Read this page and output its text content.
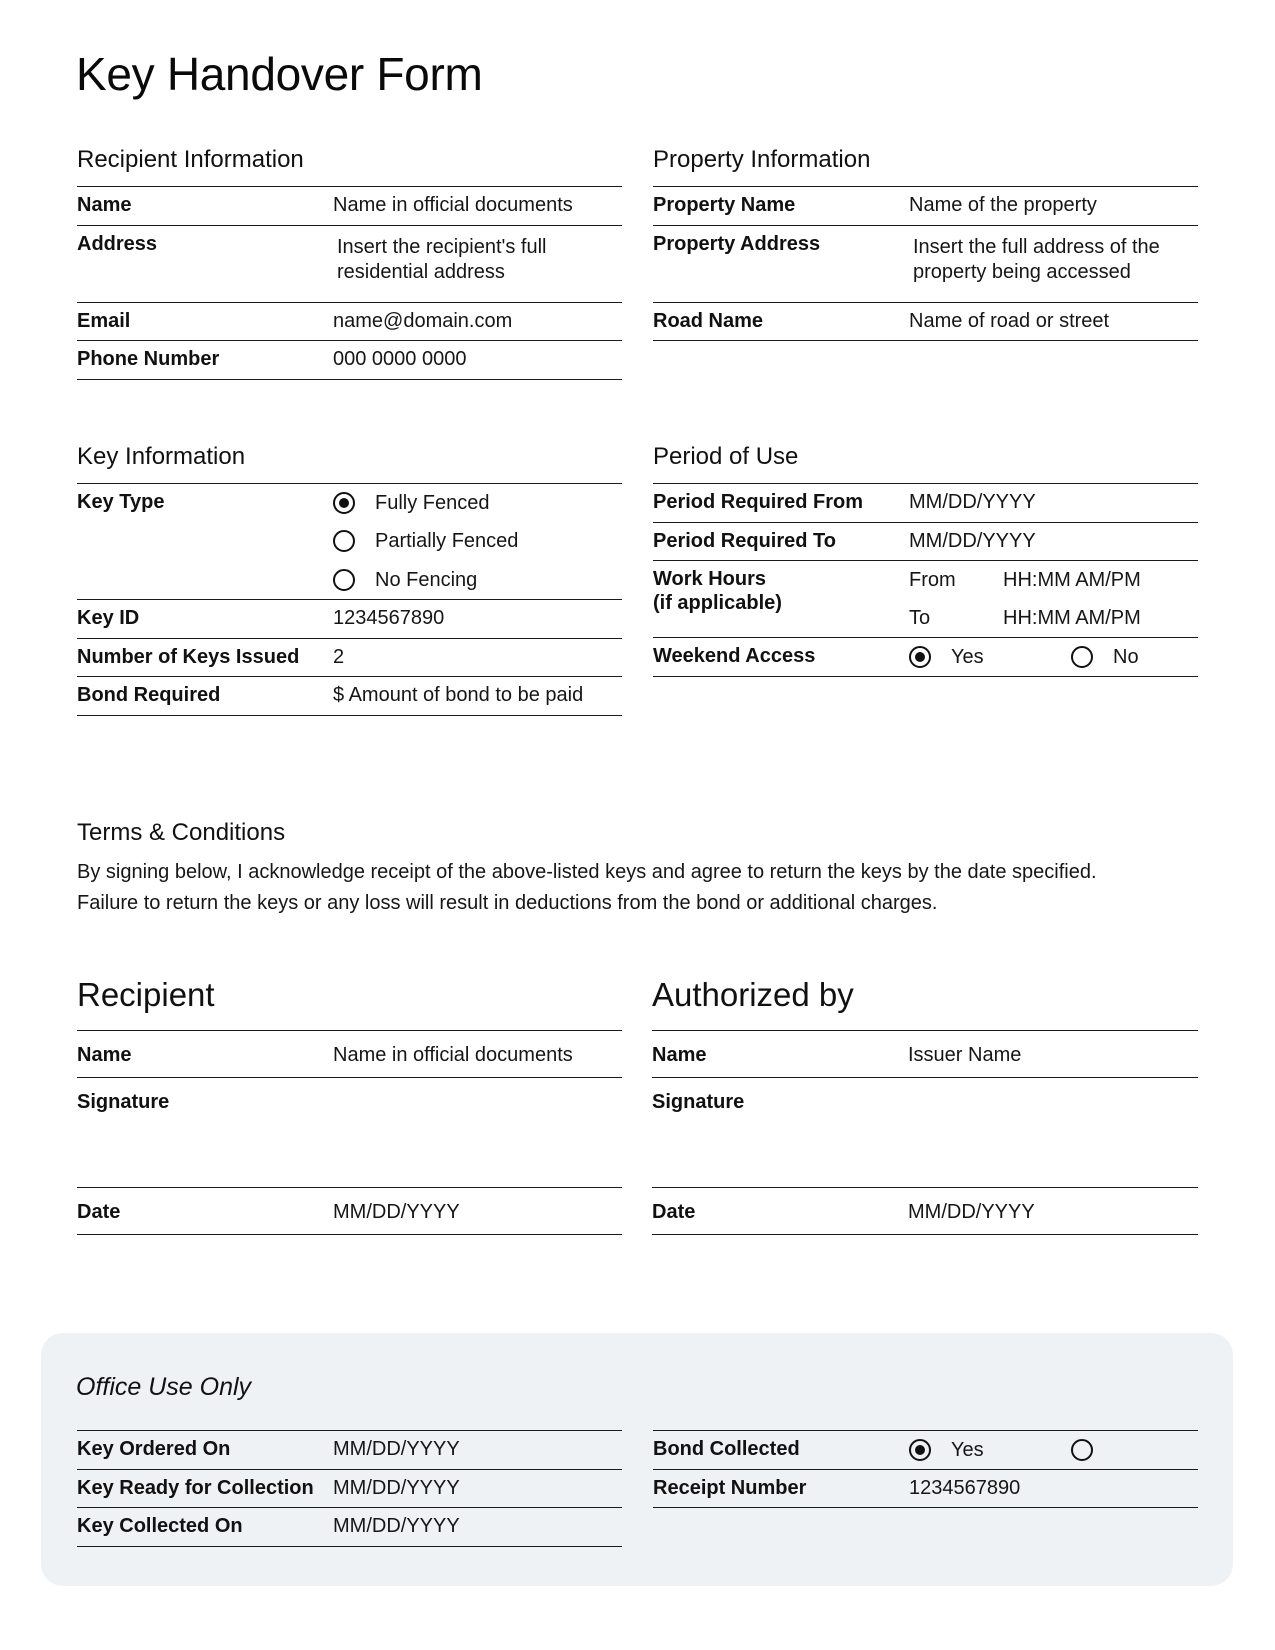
Key Handover Form
Recipient Information
Name	Name in official documents
Address	Insert the recipient's full
residential address
Email	name@domain.com
Phone Number	000 0000 0000
Property Information
Property Name	Name of the property
Property Address	Insert the full address of the
property being accessed
Road Name	Name of road or street
Key Information
Key Type	Fully Fenced
Partially Fenced
No Fencing
Key ID	1234567890
Number of Keys Issued	2
Bond Required	$ Amount of bond to be paid
Period of Use
Period Required From	MM/DD/YYYY
Period Required To	MM/DD/YYYY
Work Hours
(if applicable)
From	HH:MM AM/PM
To	HH:MM AM/PM
Weekend Access	Yes	No
Terms & Conditions
By signing below, I acknowledge receipt of the above-listed keys and agree to return the keys by the date specified.
Failure to return the keys or any loss will result in deductions from the bond or additional charges.
Recipient
Name	Name in official documents
Signature
Date	MM/DD/YYYY
Authorized by
Name	Issuer Name
Signature
Date	MM/DD/YYYY
Office Use Only
Key Ordered On	MM/DD/YYYY
Key Ready for Collection MM/DD/YYYY
Key Collected On	MM/DD/YYYY
Bond Collected	Yes
Receipt Number	1234567890
